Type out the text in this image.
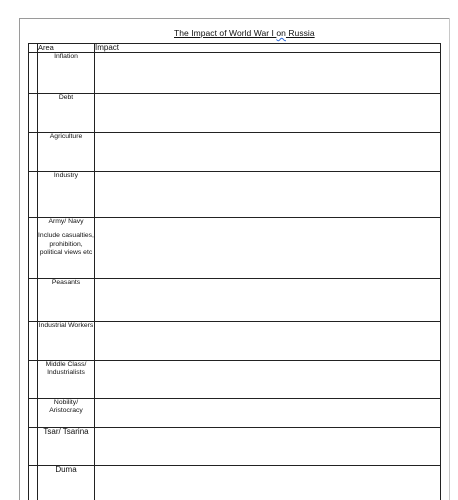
The Impact of World War I on Russia
	Area	Impact
	Inflation	
	Debt	
	Agriculture	
	Industry	
	Army/ Navy
Include casualties, prohibition, political views etc	

	Peasants	
	Industrial Workers	
	Middle Class/ Industrialists	
	Nobility/ Aristocracy	
	Tsar/ Tsarina	
	Duma	
